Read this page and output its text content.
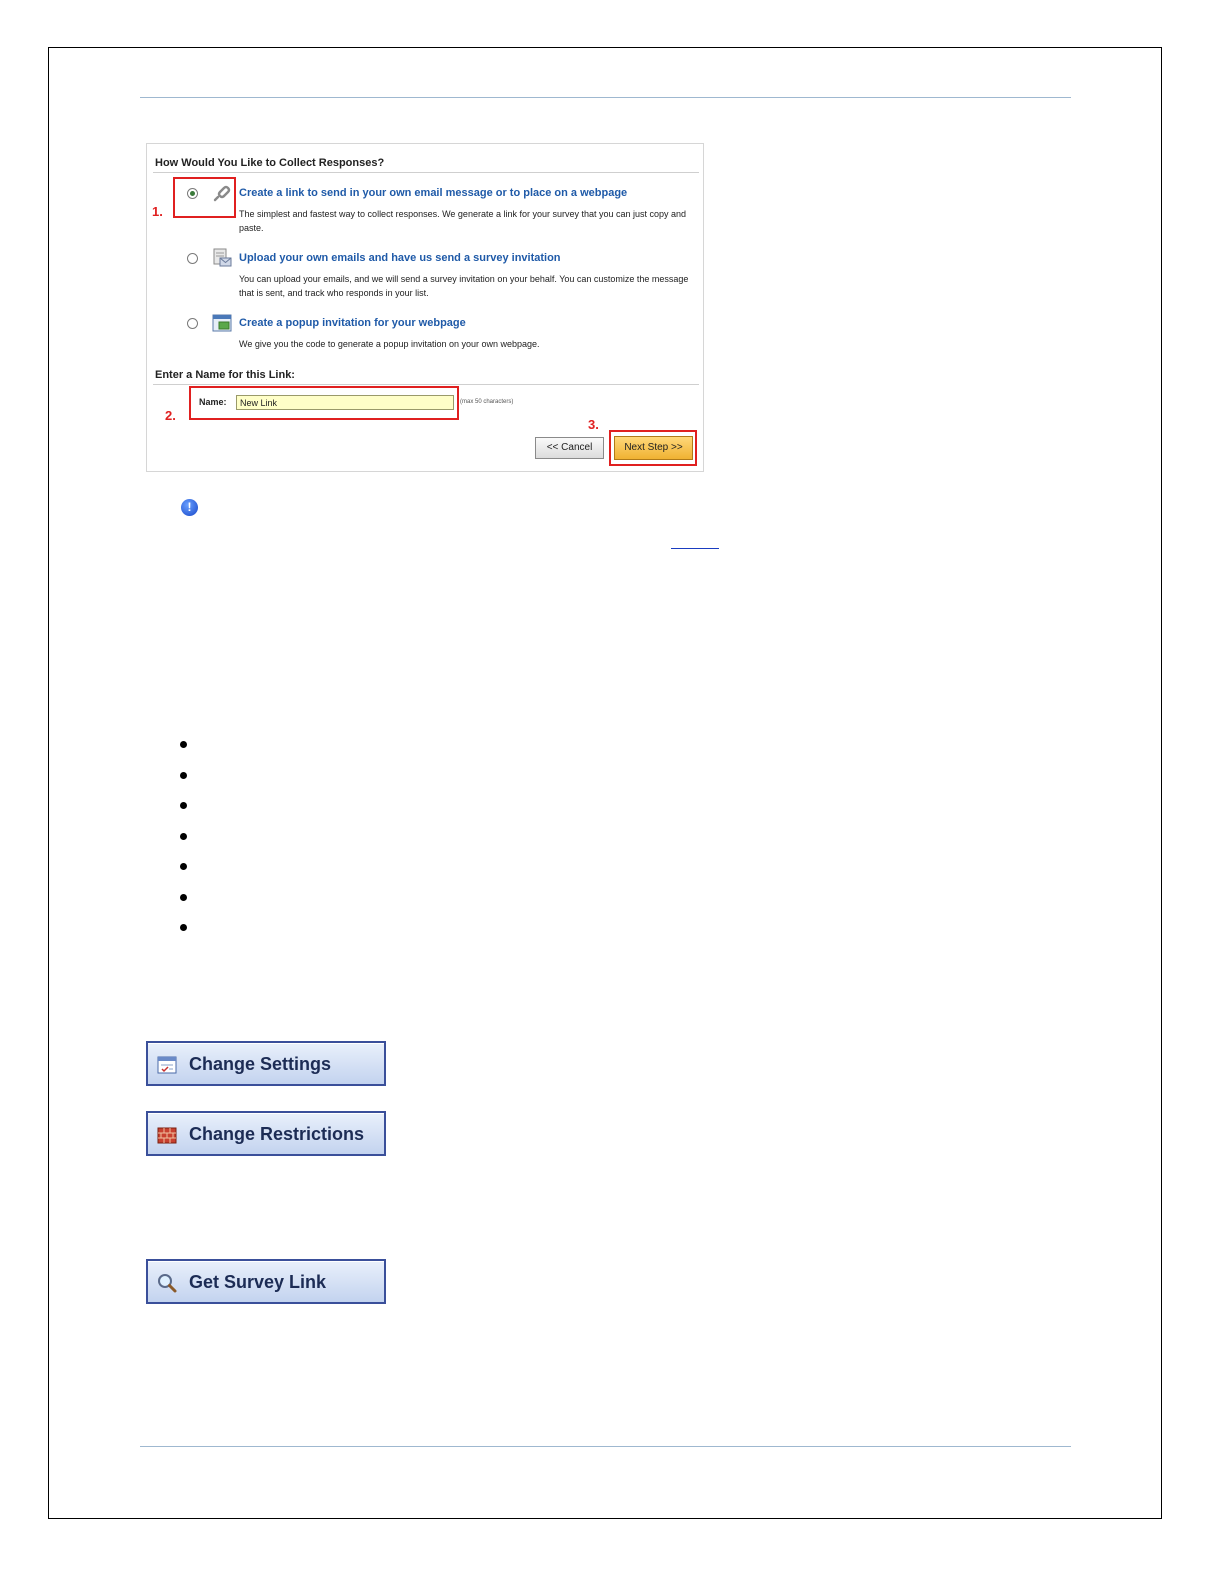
How Would You Like to Collect Responses?
Create a link to send in your own email message or to place on a webpage
The simplest and fastest way to collect responses. We generate a link for your survey that you can just copy and paste.
Upload your own emails and have us send a survey invitation
You can upload your emails, and we will send a survey invitation on your behalf. You can customize the message that is sent, and track who responds in your list.
Create a popup invitation for your webpage
We give you the code to generate a popup invitation on your own webpage.
Enter a Name for this Link:
Name:
New Link	(max 50 characters)
<< Cancel	Next Step >>
1.
2.
3.
!
Change Settings
Change Restrictions
Get Survey Link
